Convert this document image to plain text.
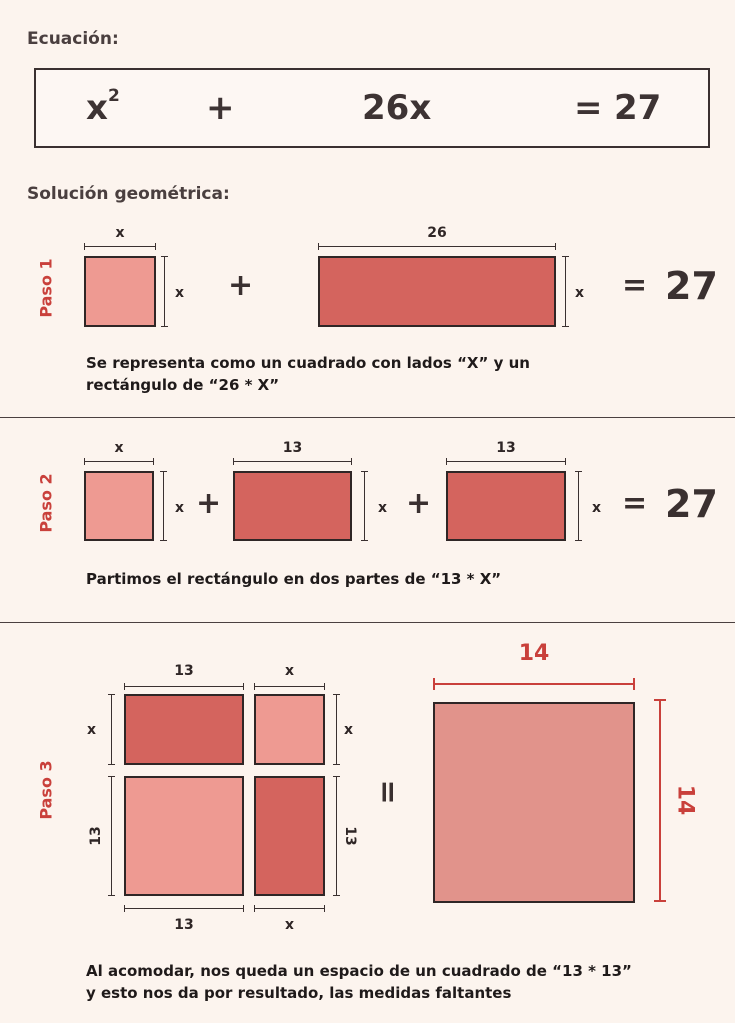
Ecuación:
$x^2$	+	26x	= 27
Solución geométrica:
Paso 1
x
x +
26
x = 27
Se representa como un cuadrado con lados “X” y un
rectángulo de “26 * X”
Paso 2
x
x +
13
x +
13
x = 27
Partimos el rectángulo en dos partes de “13 * X”
Paso 3
13	x
x
13
x
13
13	x
=
14
14
Al acomodar, nos queda un espacio de un cuadrado de “13 * 13”
y esto nos da por resultado, las medidas faltantes
